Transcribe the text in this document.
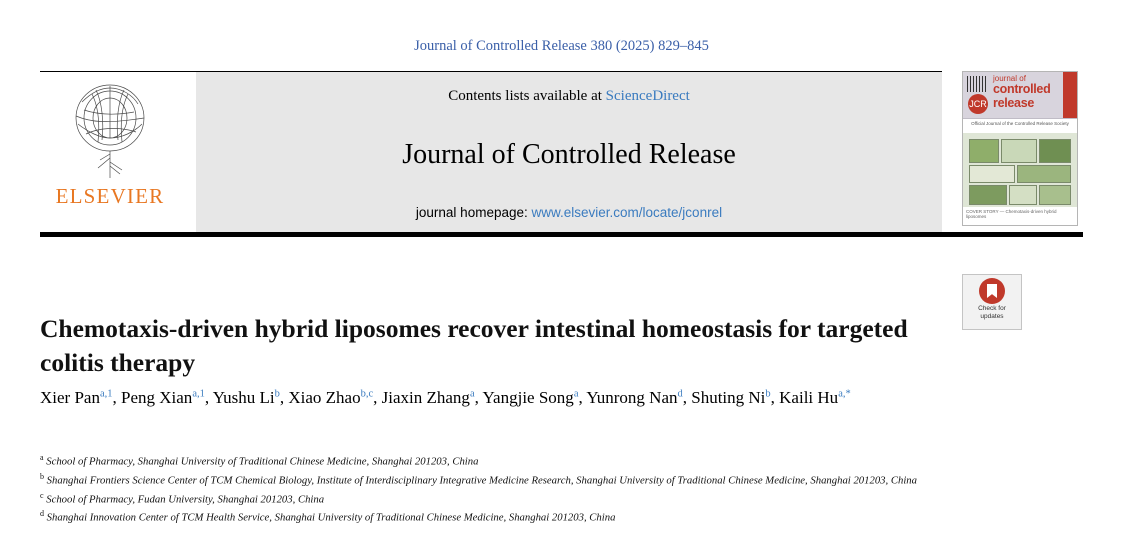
Journal of Controlled Release 380 (2025) 829–845
ELSEVIER
Contents lists available at ScienceDirect
Journal of Controlled Release
journal homepage: www.elsevier.com/locate/jconrel
JCR
journal of
controlled
release
Official Journal of the Controlled Release Society
COVER STORY — Chemotaxis-driven hybrid liposomes
Check for
updates
Chemotaxis-driven hybrid liposomes recover intestinal homeostasis for targeted colitis therapy
Xier Pan$^{a,1}$, Peng Xian$^{a,1}$, Yushu Li$^b$, Xiao Zhao$^{b,c}$, Jiaxin Zhang$^a$, Yangjie Song$^a$, Yunrong Nan$^d$, Shuting Ni$^b$, Kaili $Hu^{a,*}$
$^a$ School of Pharmacy, Shanghai University of Traditional Chinese Medicine, Shanghai 201203, China
$^b$ Shanghai Frontiers Science Center of TCM Chemical Biology, Institute of Interdisciplinary Integrative Medicine Research, Shanghai University of Traditional Chinese Medicine, Shanghai 201203, China
$^c$ School of Pharmacy, Fudan University, Shanghai 201203, China
$^d$ Shanghai Innovation Center of TCM Health Service, Shanghai University of Traditional Chinese Medicine, Shanghai 201203, China
